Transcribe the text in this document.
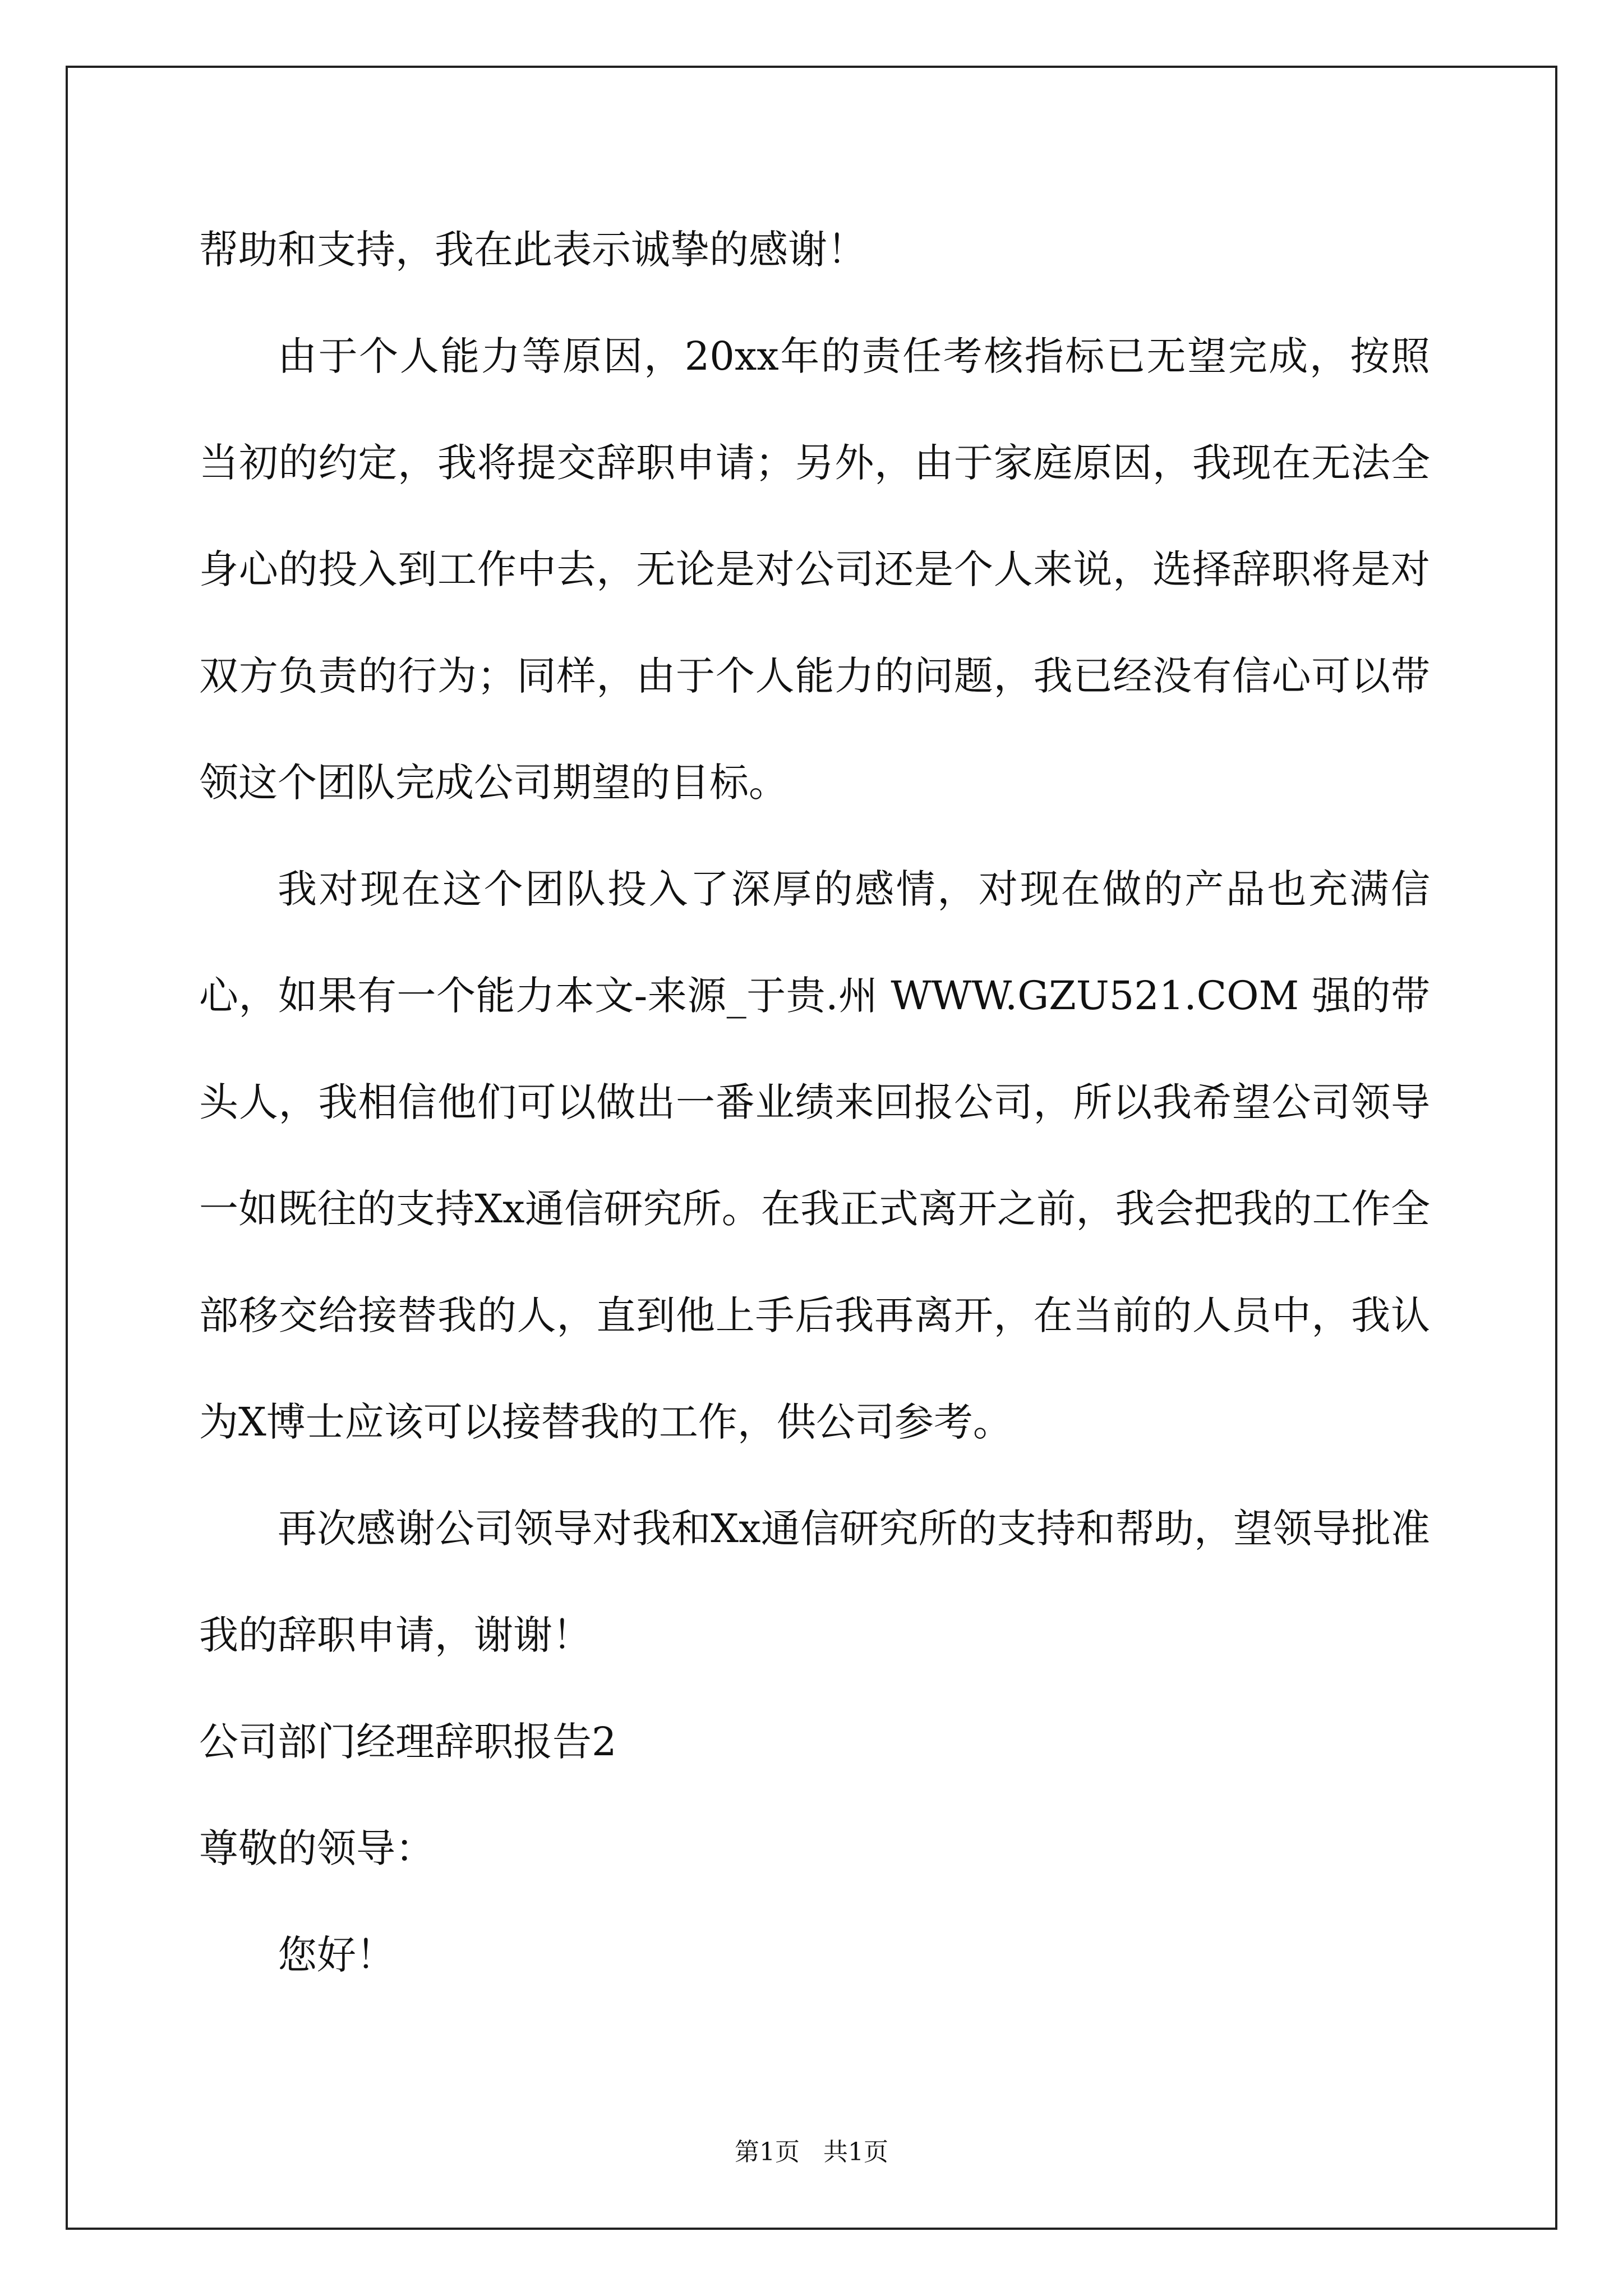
帮助和支持，我在此表示诚挚的感谢！

由于个人能力等原因，20xx年的责任考核指标已无望完成，按照当初的约定，我将提交辞职申请；另外，由于家庭原因，我现在无法全身心的投入到工作中去，无论是对公司还是个人来说，选择辞职将是对双方负责的行为；同样，由于个人能力的问题，我已经没有信心可以带领这个团队完成公司期望的目标。

我对现在这个团队投入了深厚的感情，对现在做的产品也充满信心，如果有一个能力本文-来源_于贵.州 WWW.GZU521.COM 强的带头人，我相信他们可以做出一番业绩来回报公司，所以我希望公司领导一如既往的支持Xx通信研究所。在我正式离开之前，我会把我的工作全部移交给接替我的人，直到他上手后我再离开，在当前的人员中，我认为X博士应该可以接替我的工作，供公司参考。

再次感谢公司领导对我和Xx通信研究所的支持和帮助，望领导批准我的辞职申请，谢谢！

公司部门经理辞职报告2

尊敬的领导：

您好！

第1页 共1页
